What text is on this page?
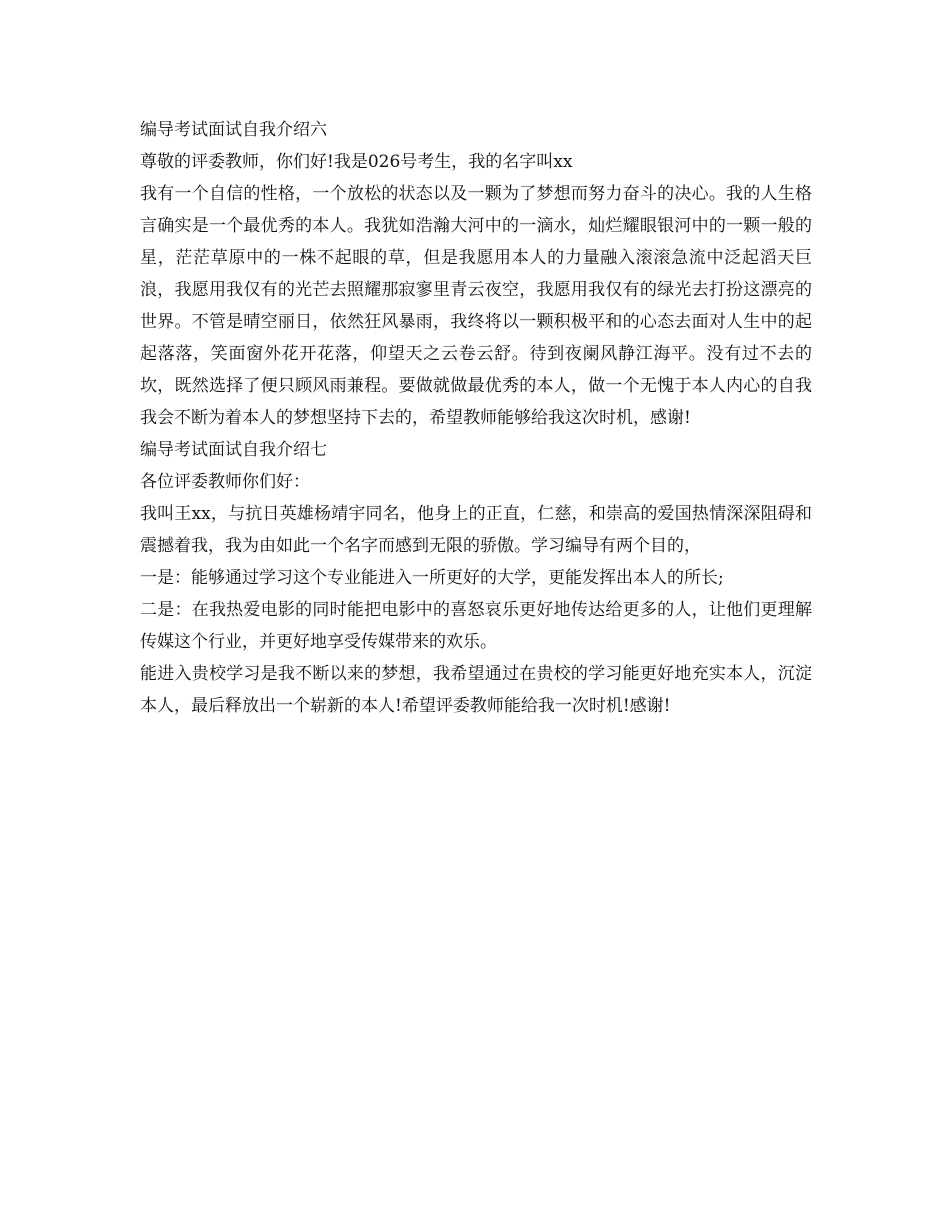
编导考试面试自我介绍六

尊敬的评委教师，你们好!我是026号考生，我的名字叫xx

我有一个自信的性格，一个放松的状态以及一颗为了梦想而努力奋斗的决心。我的人生格言确实是一个最优秀的本人。我犹如浩瀚大河中的一滴水，灿烂耀眼银河中的一颗一般的星，茫茫草原中的一株不起眼的草，但是我愿用本人的力量融入滚滚急流中泛起滔天巨浪，我愿用我仅有的光芒去照耀那寂寥里青云夜空，我愿用我仅有的绿光去打扮这漂亮的世界。不管是晴空丽日，依然狂风暴雨，我终将以一颗积极平和的心态去面对人生中的起起落落，笑面窗外花开花落，仰望天之云卷云舒。待到夜阑风静江海平。没有过不去的坎，既然选择了便只顾风雨兼程。要做就做最优秀的本人，做一个无愧于本人内心的自我我会不断为着本人的梦想坚持下去的，希望教师能够给我这次时机，感谢!

编导考试面试自我介绍七

各位评委教师你们好：

我叫王xx，与抗日英雄杨靖宇同名，他身上的正直，仁慈，和崇高的爱国热情深深阻碍和震撼着我，我为由如此一个名字而感到无限的骄傲。学习编导有两个目的，

一是：能够通过学习这个专业能进入一所更好的大学，更能发挥出本人的所长;

二是：在我热爱电影的同时能把电影中的喜怒哀乐更好地传达给更多的人，让他们更理解传媒这个行业，并更好地享受传媒带来的欢乐。

能进入贵校学习是我不断以来的梦想，我希望通过在贵校的学习能更好地充实本人，沉淀本人，最后释放出一个崭新的本人!希望评委教师能给我一次时机!感谢!
